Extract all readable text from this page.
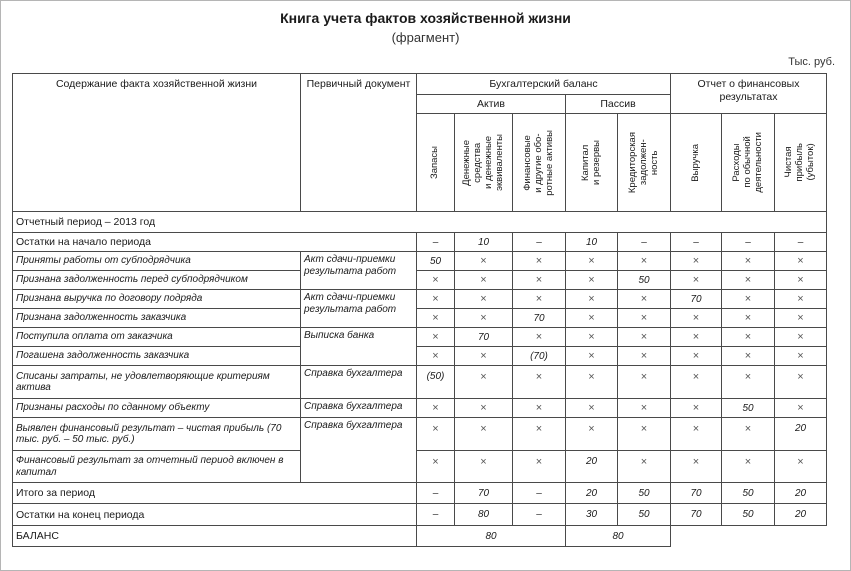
Книга учета фактов хозяйственной жизни
(фрагмент)
Тыс. руб.
Содержание факта хозяйственной жизни	Первичный документ	Бухгалтерский баланс					Отчет о финансовых результатах		
		Актив			Пассив				

		Запасы	Денежные
средства
и денежные
эквиваленты	Финансовые
и другие обо-
ротные активы	Капитал
и резервы	Кредиторская
задолжен-
ность	Выручка	Расходы
по обычной
деятельности	Чистая
прибыль
(убыток)

Отчетный период – 2013 год									
Остатки на начало периода		–	10	–	10	–	–	–	–
Приняты работы от субподрядчика	Акт сдачи-приемки результата работ	50	×	×	×	×	×	×	×
Признана задолженность перед субподрядчиком		×	×	×	×	50	×	×	×
Признана выручка по договору подряда	Акт сдачи-приемки результата работ	×	×	×	×	×	70	×	×
Признана задолженность заказчика		×	×	70	×	×	×	×	×
Поступила оплата от заказчика	Выписка банка	×	70	×	×	×	×	×	×
Погашена задолженность заказчика		×	×	(70)	×	×	×	×	×
Списаны затраты, не удовлетворяющие критериям актива	Справка бухгалтера	(50)	×	×	×	×	×	×	×
Признаны расходы по сданному объекту	Справка бухгалтера	×	×	×	×	×	×	50	×
Выявлен финансовый результат – чистая прибыль (70 тыс. руб. – 50 тыс. руб.)	Справка бухгалтера	×	×	×	×	×	×	×	20
Финансовый результат за отчетный период включен в капитал		×	×	×	20	×	×	×	×
Итого за период		–	70	–	20	50	70	50	20
Остатки на конец периода		–	80	–	30	50	70	50	20
БАЛАНС		80			80				
